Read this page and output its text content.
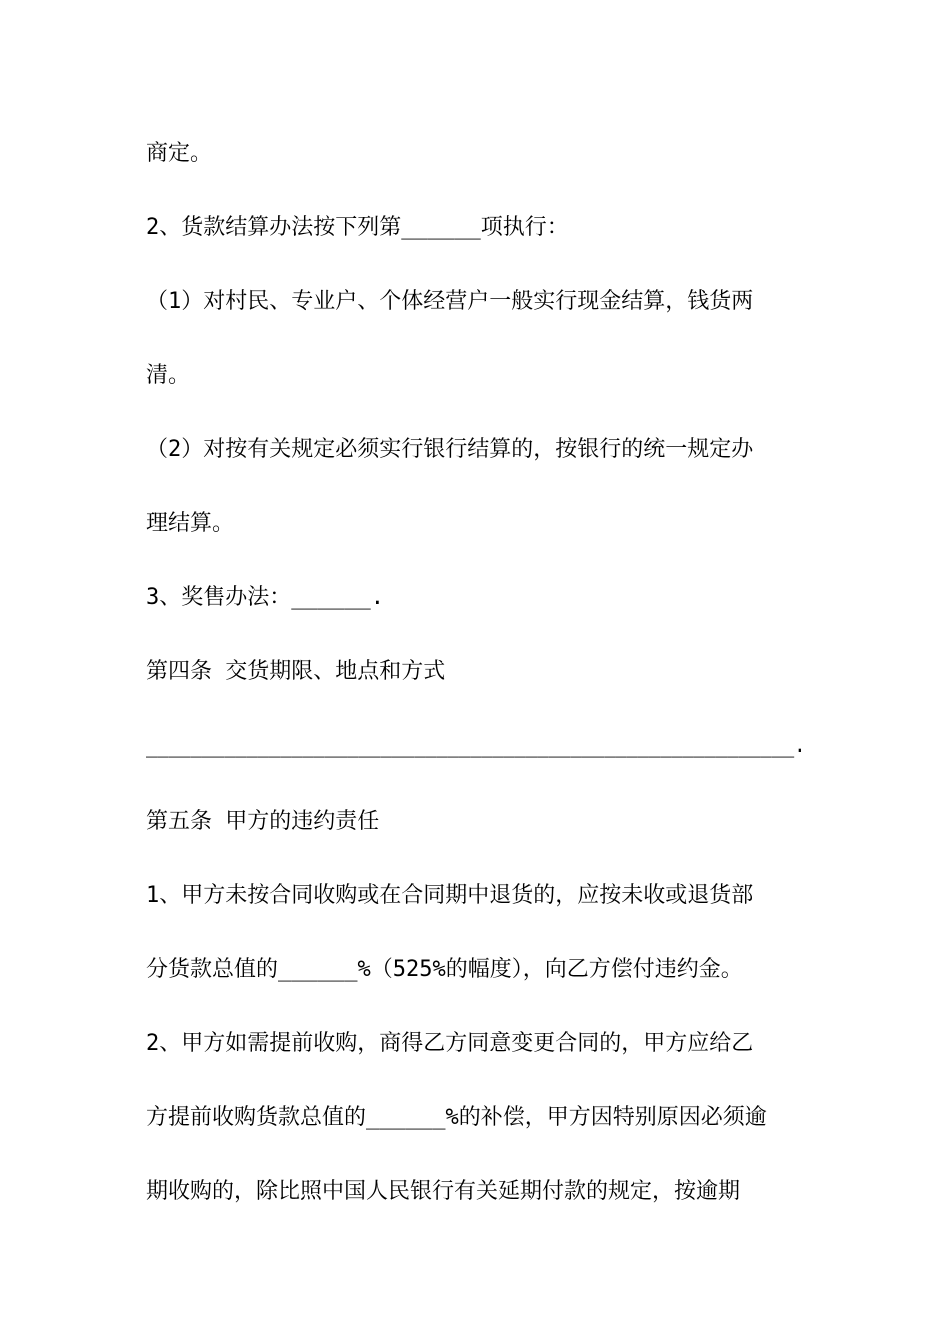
商定。
2、货款结算办法按下列第______项执行：
（1）对村民、专业户、个体经营户一般实行现金结算，钱货两
清。
（2）对按有关规定必须实行银行结算的，按银行的统一规定办
理结算。
3、奖售办法：______.
第四条 交货期限、地点和方式
__________________________________________________________.
第五条 甲方的违约责任
1、甲方未按合同收购或在合同期中退货的，应按未收或退货部
分货款总值的______%（525%的幅度），向乙方偿付违约金。
2、甲方如需提前收购，商得乙方同意变更合同的，甲方应给乙
方提前收购货款总值的______%的补偿，甲方因特别原因必须逾
期收购的，除比照中国人民银行有关延期付款的规定，按逾期
